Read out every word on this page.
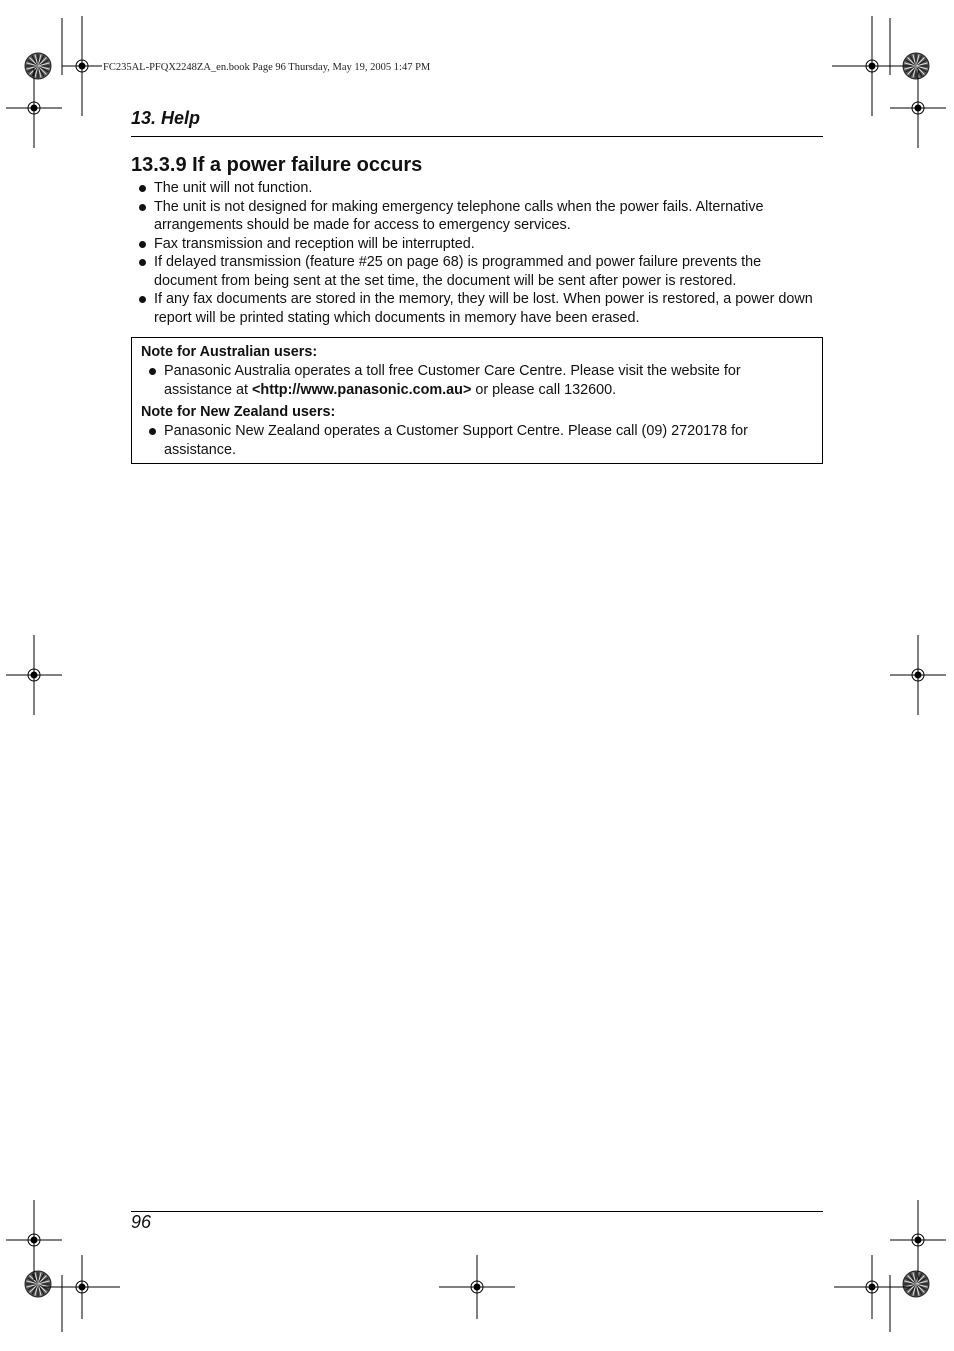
FC235AL-PFQX2248ZA_en.book Page 96 Thursday, May 19, 2005 1:47 PM
13. Help
13.3.9 If a power failure occurs
The unit will not function.
The unit is not designed for making emergency telephone calls when the power fails. Alternative arrangements should be made for access to emergency services.
Fax transmission and reception will be interrupted.
If delayed transmission (feature #25 on page 68) is programmed and power failure prevents the document from being sent at the set time, the document will be sent after power is restored.
If any fax documents are stored in the memory, they will be lost. When power is restored, a power down report will be printed stating which documents in memory have been erased.
Note for Australian users:
Panasonic Australia operates a toll free Customer Care Centre. Please visit the website for assistance at <http://www.panasonic.com.au> or please call 132600.
Note for New Zealand users:
Panasonic New Zealand operates a Customer Support Centre. Please call (09) 2720178 for assistance.
96
